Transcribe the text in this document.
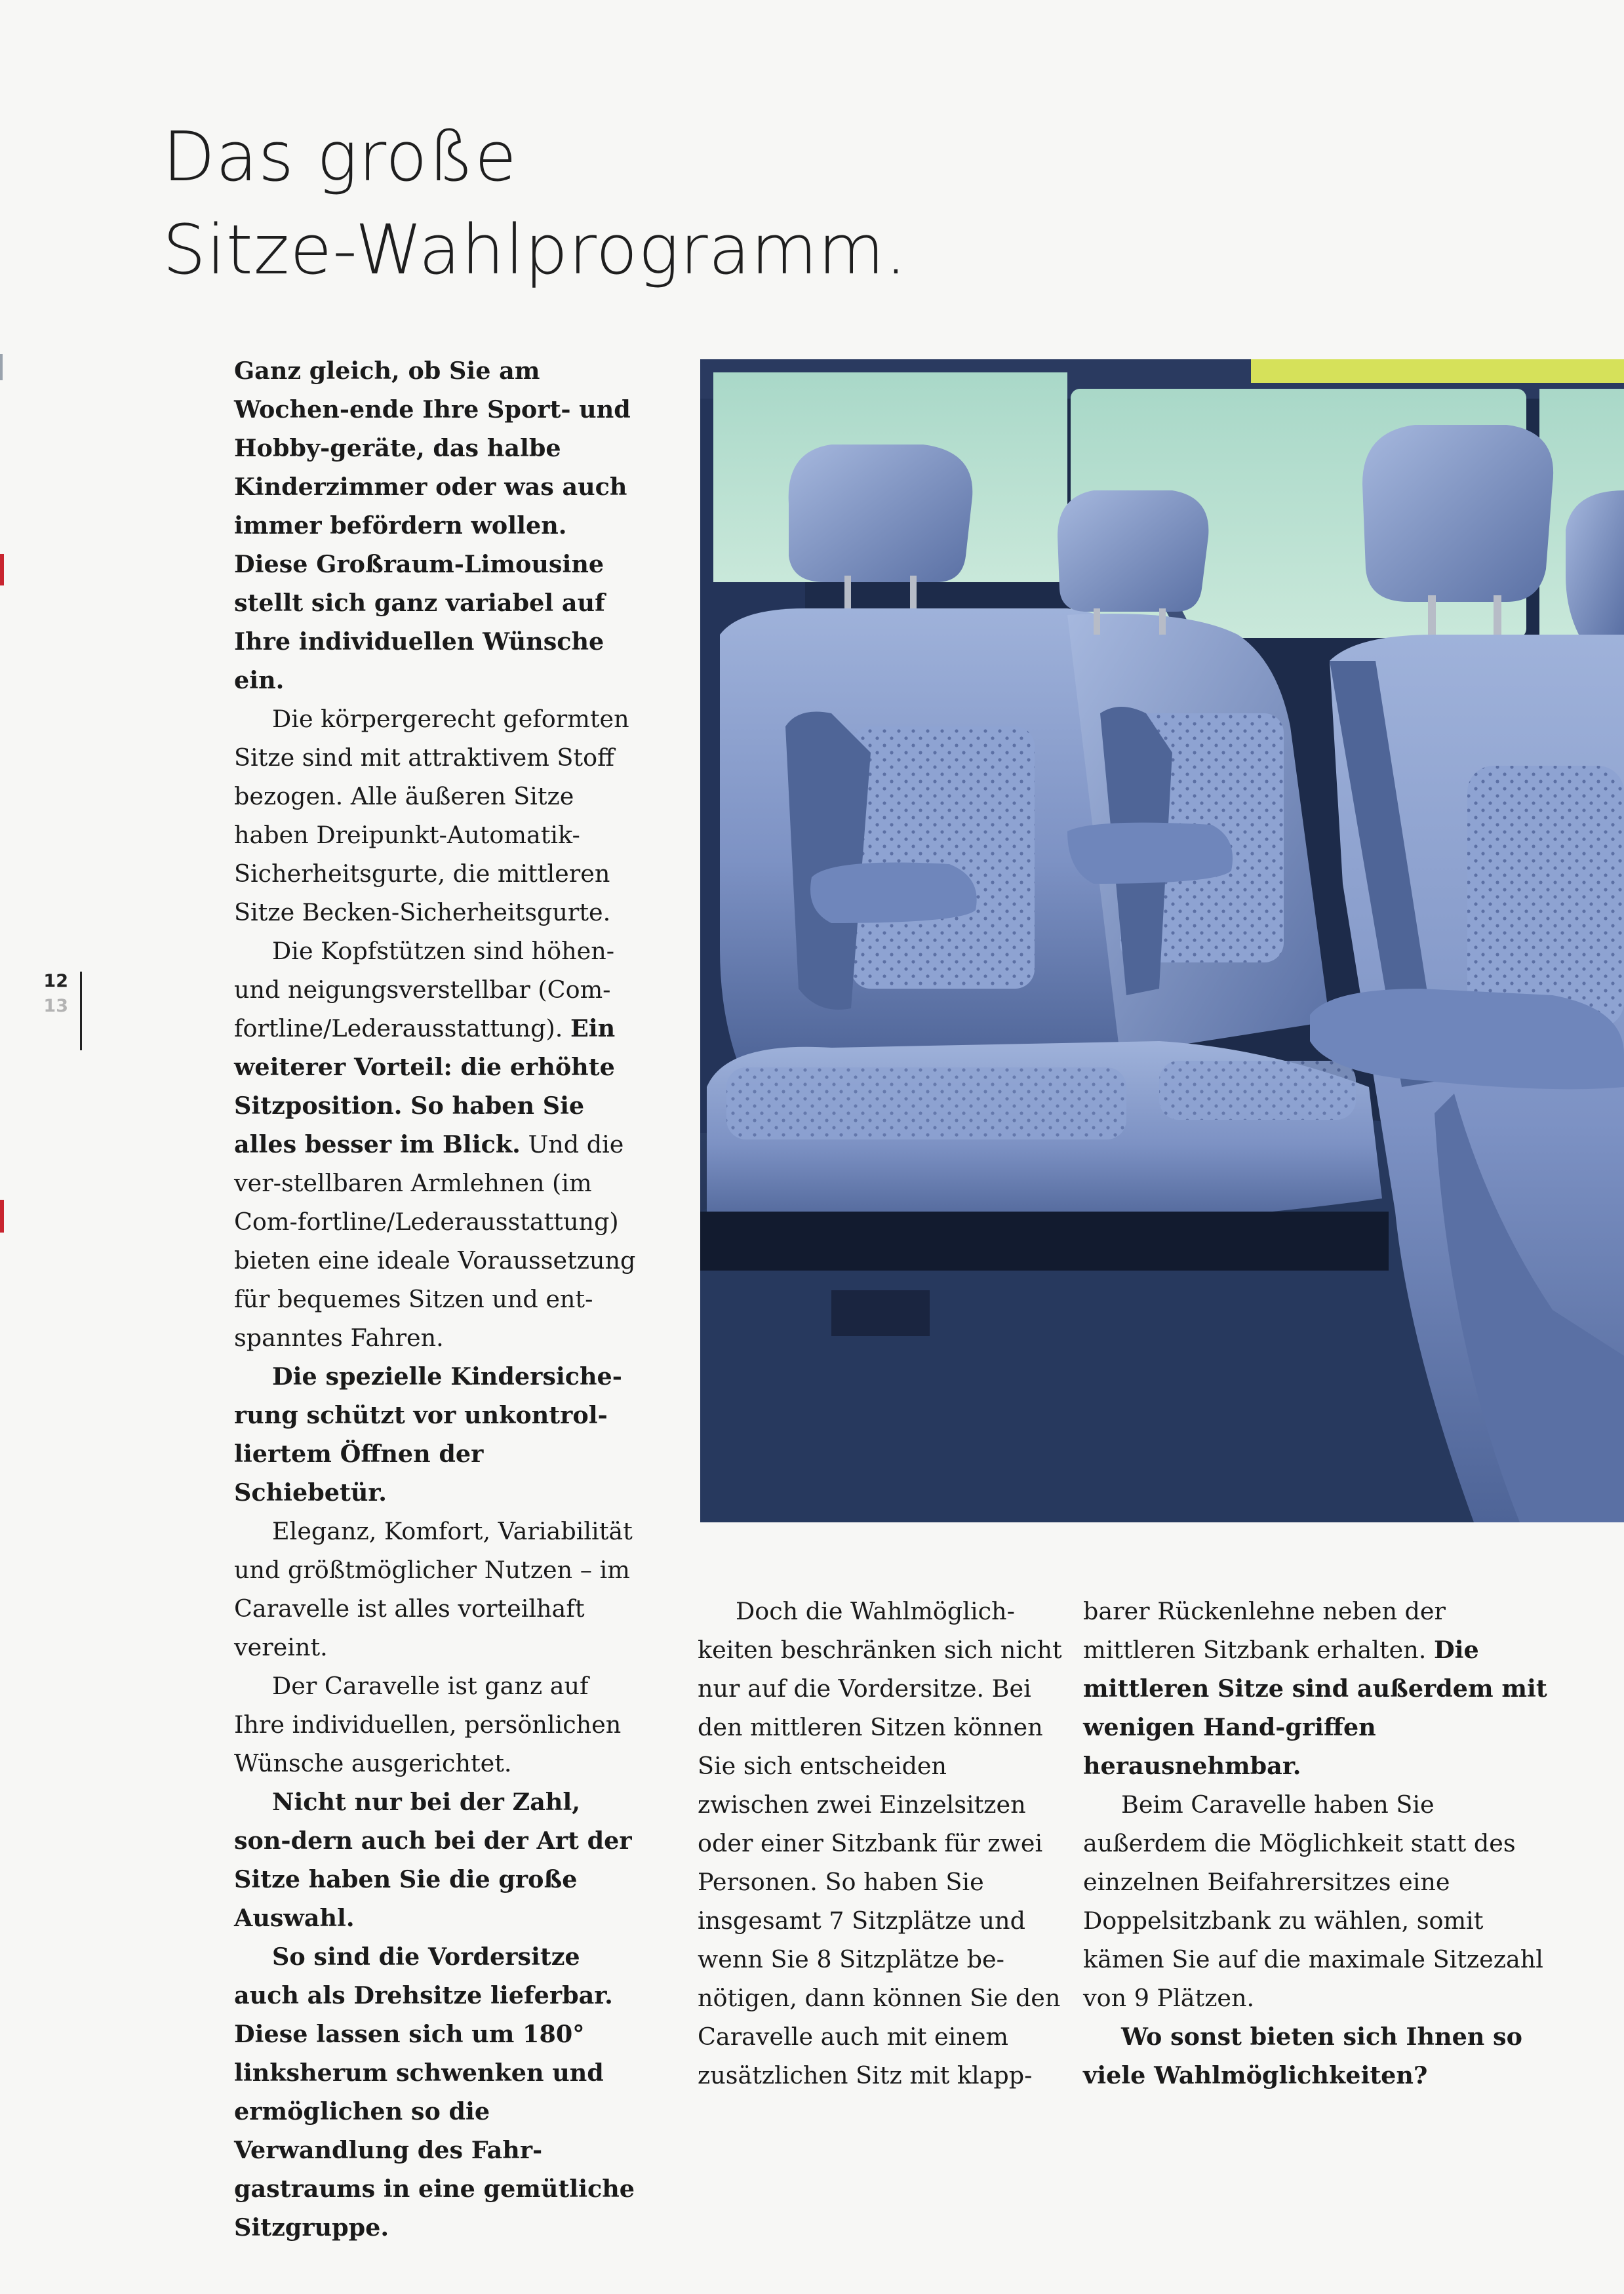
Das große
Sitze-Wahlprogramm.
12
13

Ganz gleich, ob Sie am Wochen-ende Ihre Sport- und Hobby-geräte, das halbe Kinderzimmer oder was auch immer befördern wollen. Diese Großraum-Limousine stellt sich ganz variabel auf Ihre individuellen Wünsche ein.

Die körpergerecht geformten Sitze sind mit attraktivem Stoff bezogen. Alle äußeren Sitze haben Dreipunkt-Automatik-Sicherheitsgurte, die mittleren Sitze Becken-Sicherheitsgurte.

Die Kopfstützen sind höhen- und neigungsverstellbar (Com-fortline/Lederausstattung). Ein weiterer Vorteil: die erhöhte Sitzposition. So haben Sie alles besser im Blick. Und die ver-stellbaren Armlehnen (im Com-fortline/Lederausstattung) bieten eine ideale Voraussetzung für bequemes Sitzen und ent-spanntes Fahren.

Die spezielle Kindersiche-rung schützt vor unkontrol-liertem Öffnen der Schiebetür.

Eleganz, Komfort, Variabilität und größtmöglicher Nutzen – im Caravelle ist alles vorteilhaft vereint.

Der Caravelle ist ganz auf Ihre individuellen, persönlichen Wünsche ausgerichtet.

Nicht nur bei der Zahl, son-dern auch bei der Art der Sitze haben Sie die große Auswahl.

So sind die Vordersitze auch als Drehsitze lieferbar. Diese lassen sich um 180° linksherum schwenken und ermöglichen so die Verwandlung des Fahr-gastraums in eine gemütliche Sitzgruppe.

Doch die Wahlmöglich-keiten beschränken sich nicht nur auf die Vordersitze. Bei den mittleren Sitzen können Sie sich entscheiden zwischen zwei Einzelsitzen oder einer Sitzbank für zwei Personen. So haben Sie insgesamt 7 Sitzplätze und wenn Sie 8 Sitzplätze be-nötigen, dann können Sie den Caravelle auch mit einem zusätzlichen Sitz mit klapp-

barer Rückenlehne neben der mittleren Sitzbank erhalten. Die mittleren Sitze sind außerdem mit wenigen Hand-griffen herausnehmbar.

Beim Caravelle haben Sie außerdem die Möglichkeit statt des einzelnen Beifahrersitzes eine Doppelsitzbank zu wählen, somit kämen Sie auf die maximale Sitzezahl von 9 Plätzen.

Wo sonst bieten sich Ihnen so viele Wahlmöglichkeiten?
